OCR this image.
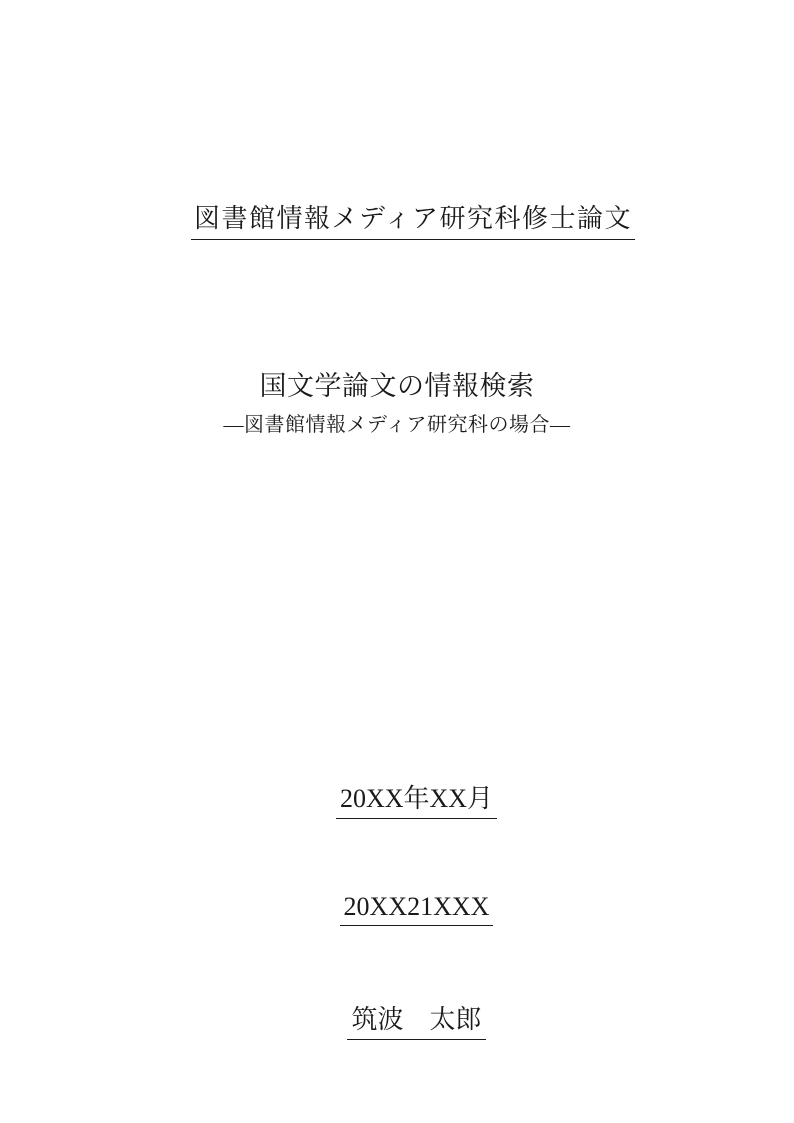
図書館情報メディア研究科修士論文

国文学論文の情報検索
―図書館情報メディア研究科の場合―

20XX年XX月

20XX21XXX

筑波　太郎
